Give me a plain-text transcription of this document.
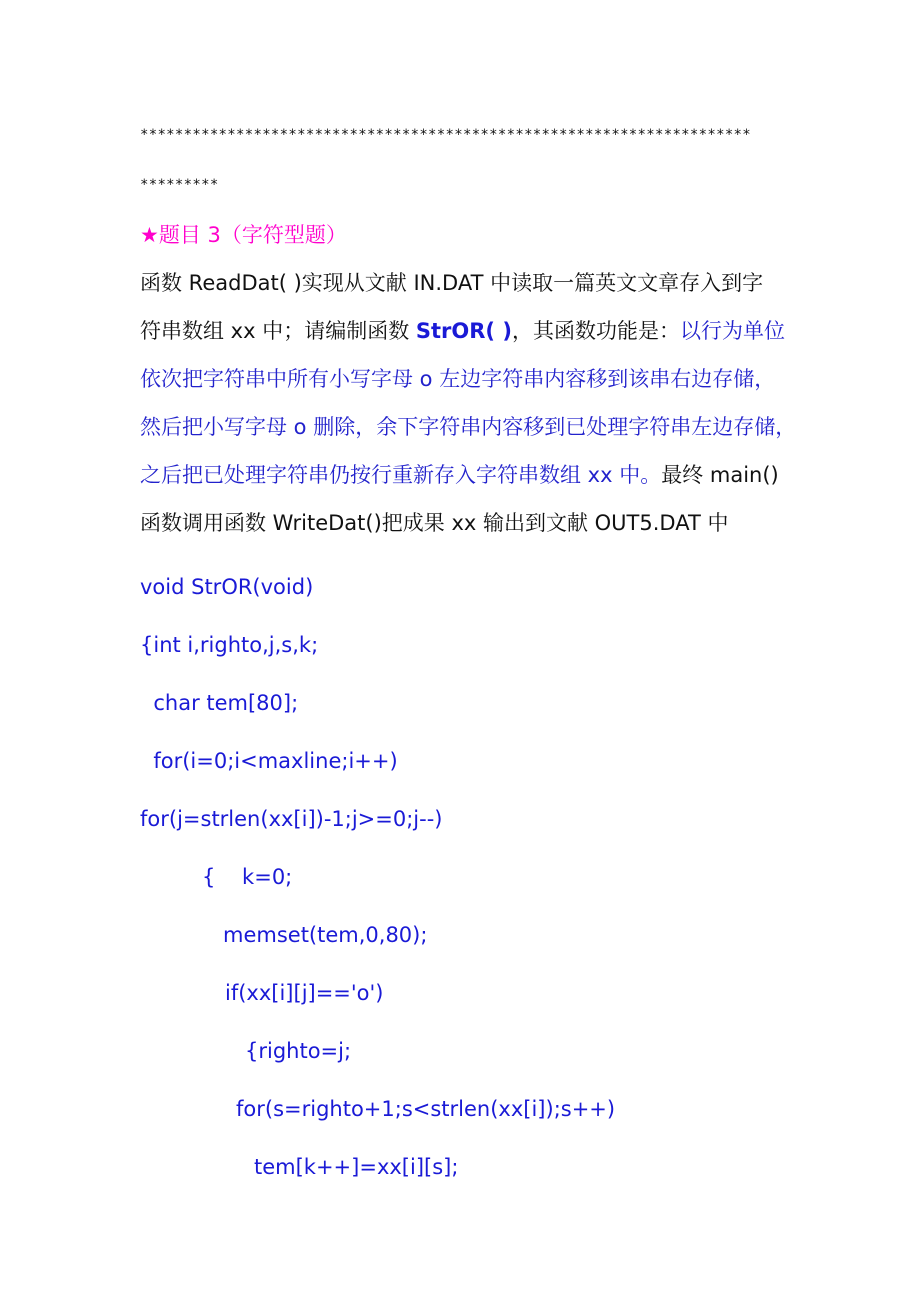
**********************************************************************
*********
★题目 3（字符型题）
函数 ReadDat( )实现从文献 IN.DAT 中读取一篇英文文章存入到字
符串数组 xx 中；请编制函数 StrOR( )，其函数功能是：以行为单位
依次把字符串中所有小写字母 o 左边字符串内容移到该串右边存储，
然后把小写字母 o 删除，余下字符串内容移到已处理字符串左边存储，
之后把已处理字符串仍按行重新存入字符串数组 xx 中。最终 main()
函数调用函数 WriteDat()把成果 xx 输出到文献 OUT5.DAT 中
void StrOR(void)
{int i,righto,j,s,k;
char tem[80];
for(i=0;i<maxline;i++)
for(j=strlen(xx[i])-1;j>=0;j--)
{    k=0;
memset(tem,0,80);
if(xx[i][j]=='o')
{righto=j;
for(s=righto+1;s<strlen(xx[i]);s++)
tem[k++]=xx[i][s];
